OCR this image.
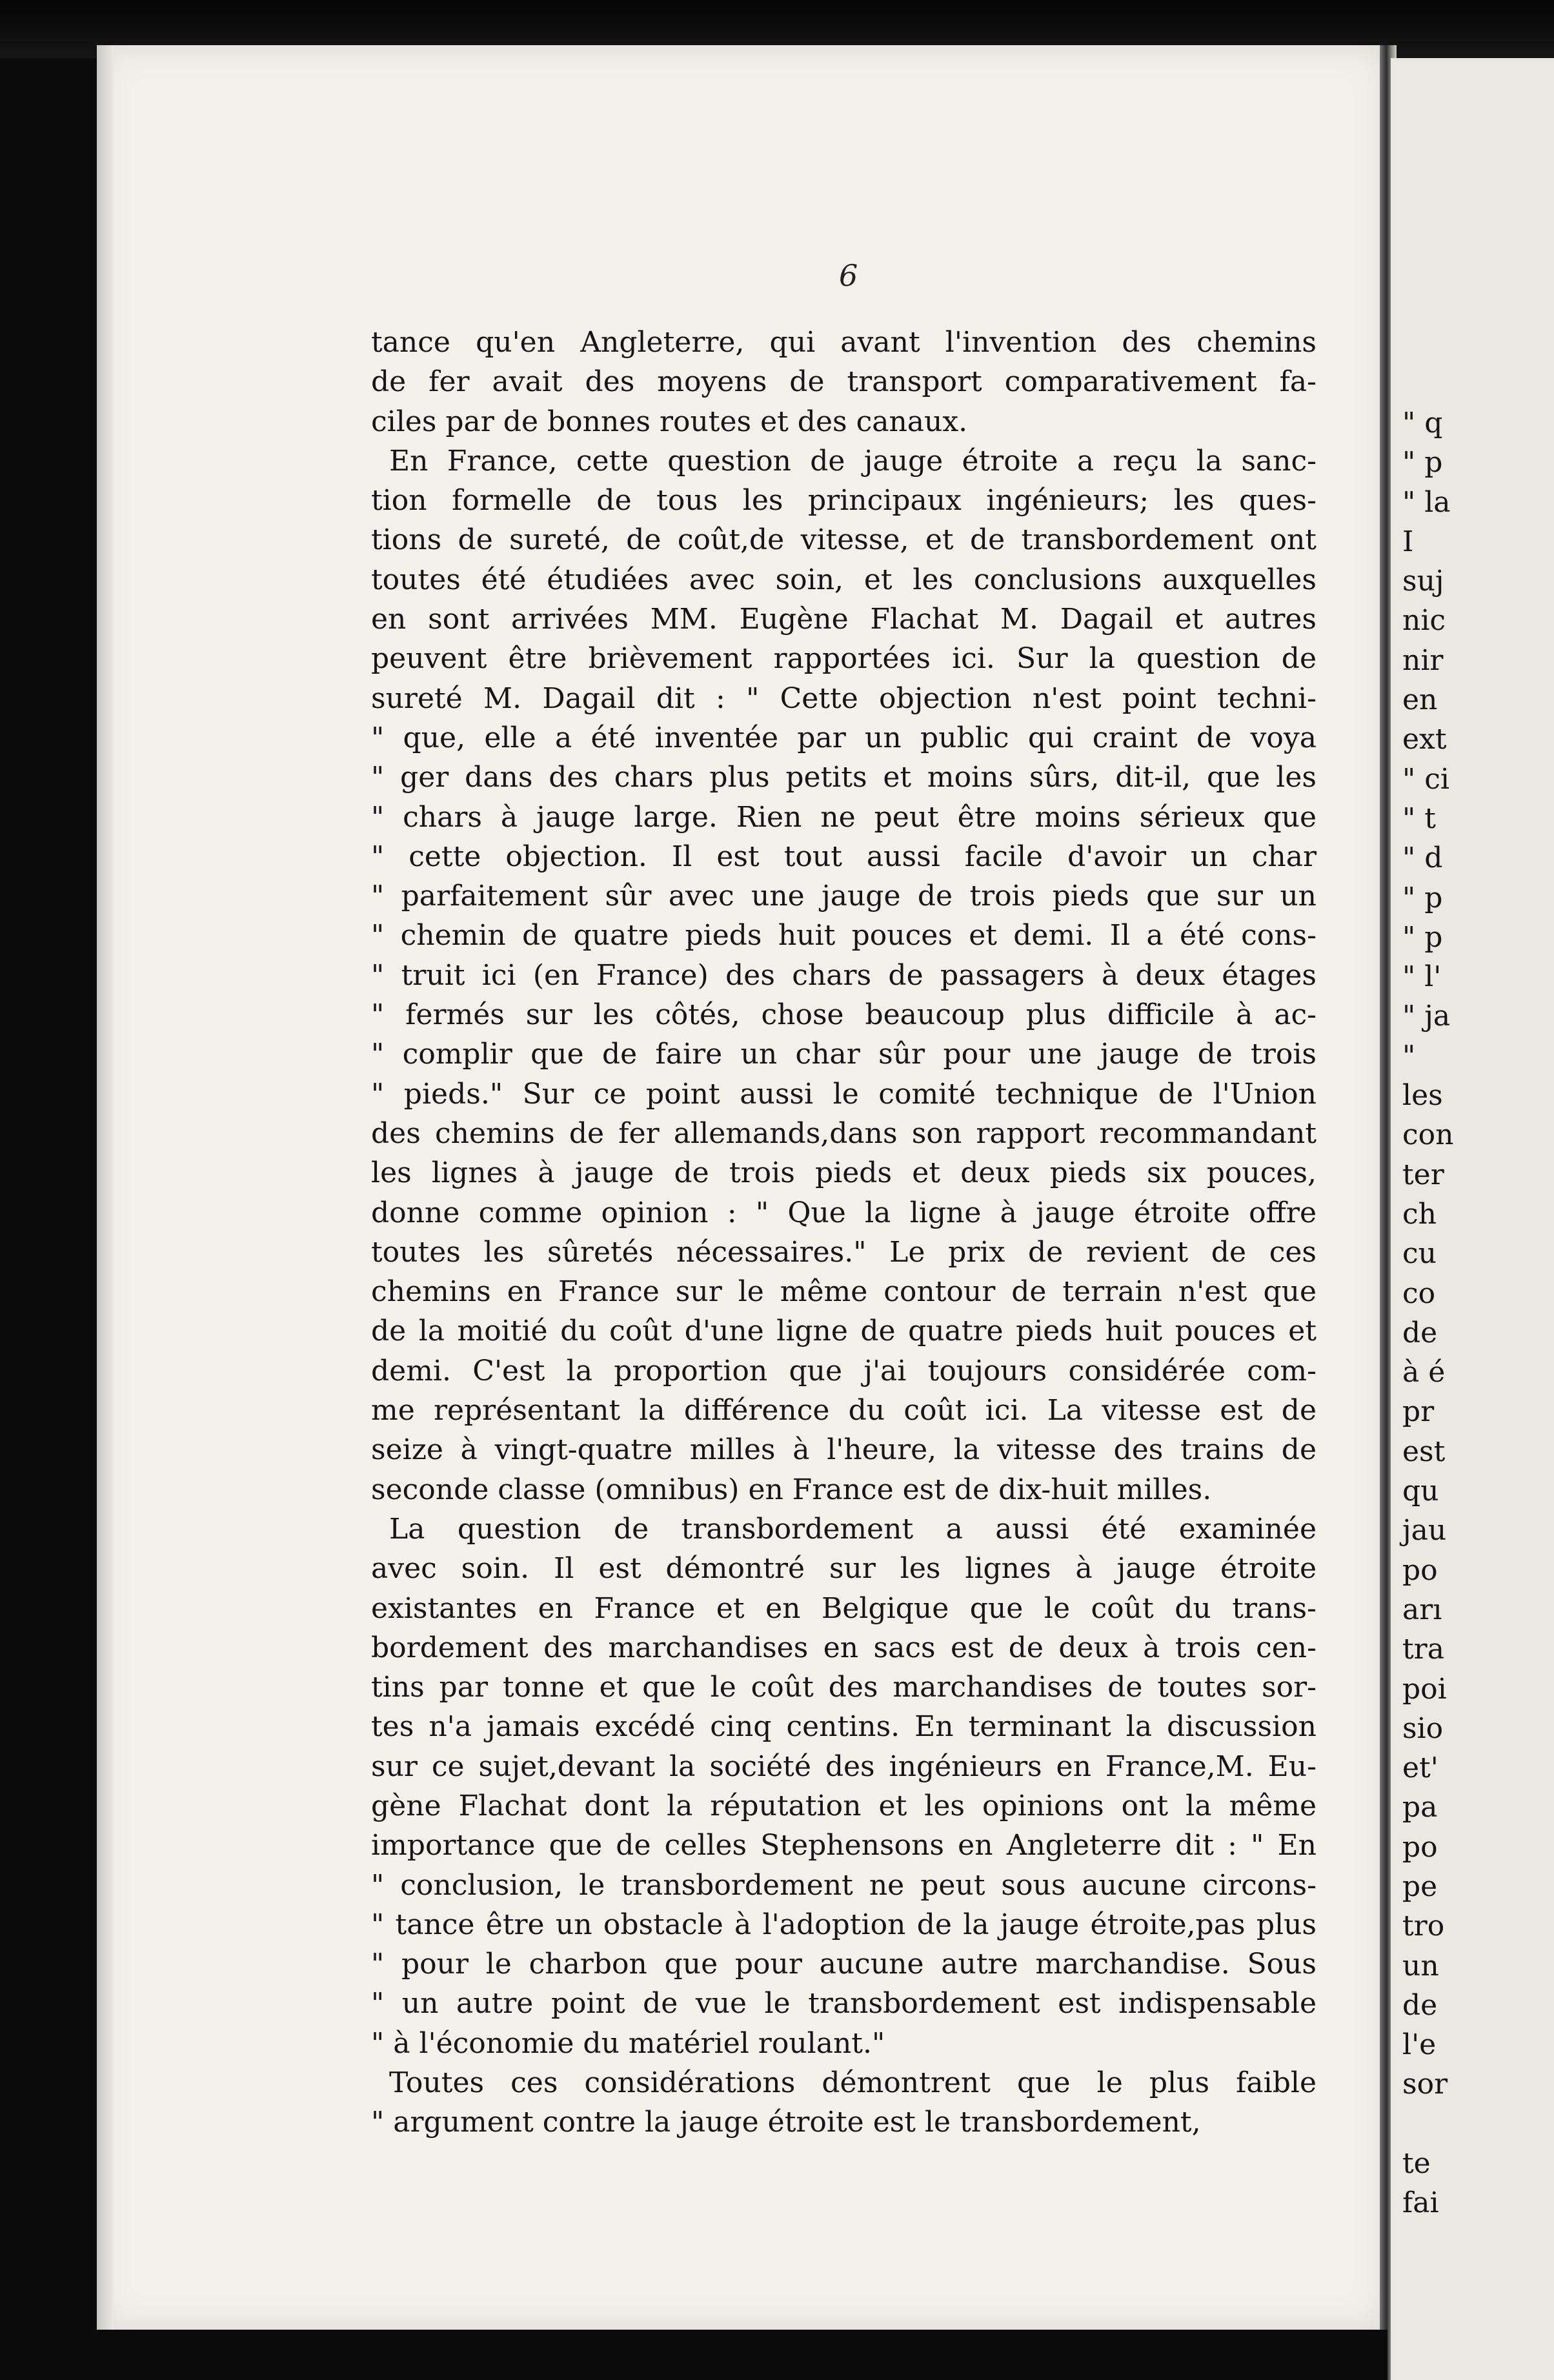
6
tance qu'en Angleterre, qui avant l'invention des chemins
de fer avait des moyens de transport comparativement fa-
ciles par de bonnes routes et des canaux.
En France, cette question de jauge étroite a reçu la sanc-
tion formelle de tous les principaux ingénieurs; les ques-
tions de sureté, de coût,de vitesse, et de transbordement ont
toutes été étudiées avec soin, et les conclusions auxquelles
en sont arrivées MM. Eugène Flachat M. Dagail et autres
peuvent être brièvement rapportées ici. Sur la question de
sureté M. Dagail dit : " Cette objection n'est point techni-
" que, elle a été inventée par un public qui craint de voya
" ger dans des chars plus petits et moins sûrs, dit-il, que les
" chars à jauge large. Rien ne peut être moins sérieux que
" cette objection. Il est tout aussi facile d'avoir un char
" parfaitement sûr avec une jauge de trois pieds que sur un
" chemin de quatre pieds huit pouces et demi. Il a été cons-
" truit ici (en France) des chars de passagers à deux étages
" fermés sur les côtés, chose beaucoup plus difficile à ac-
" complir que de faire un char sûr pour une jauge de trois
" pieds." Sur ce point aussi le comité technique de l'Union
des chemins de fer allemands,dans son rapport recommandant
les lignes à jauge de trois pieds et deux pieds six pouces,
donne comme opinion : " Que la ligne à jauge étroite offre
toutes les sûretés nécessaires." Le prix de revient de ces
chemins en France sur le même contour de terrain n'est que
de la moitié du coût d'une ligne de quatre pieds huit pouces et
demi. C'est la proportion que j'ai toujours considérée com-
me représentant la différence du coût ici. La vitesse est de
seize à vingt-quatre milles à l'heure, la vitesse des trains de
seconde classe (omnibus) en France est de dix-huit milles.
La question de transbordement a aussi été examinée
avec soin. Il est démontré sur les lignes à jauge étroite
existantes en France et en Belgique que le coût du trans-
bordement des marchandises en sacs est de deux à trois cen-
tins par tonne et que le coût des marchandises de toutes sor-
tes n'a jamais excédé cinq centins. En terminant la discussion
sur ce sujet,devant la société des ingénieurs en France,M. Eu-
gène Flachat dont la réputation et les opinions ont la même
importance que de celles Stephensons en Angleterre dit : " En
" conclusion, le transbordement ne peut sous aucune circons-
" tance être un obstacle à l'adoption de la jauge étroite,pas plus
" pour le charbon que pour aucune autre marchandise. Sous
" un autre point de vue le transbordement est indispensable
" à l'économie du matériel roulant."
Toutes ces considérations démontrent que le plus faible
" argument contre la jauge étroite est le transbordement,
" q
" p
" la
I
suj
nic
nir
en
ext
" ci
" t
" d
" p
" p
" l'
" ja
"
les
con
ter
ch
cu
co
de
à é
pr
est
qu
jau
po
arı
tra
poi
sio
et'
pa
po
pe
tro
un
de
l'e
sor
te
fai
